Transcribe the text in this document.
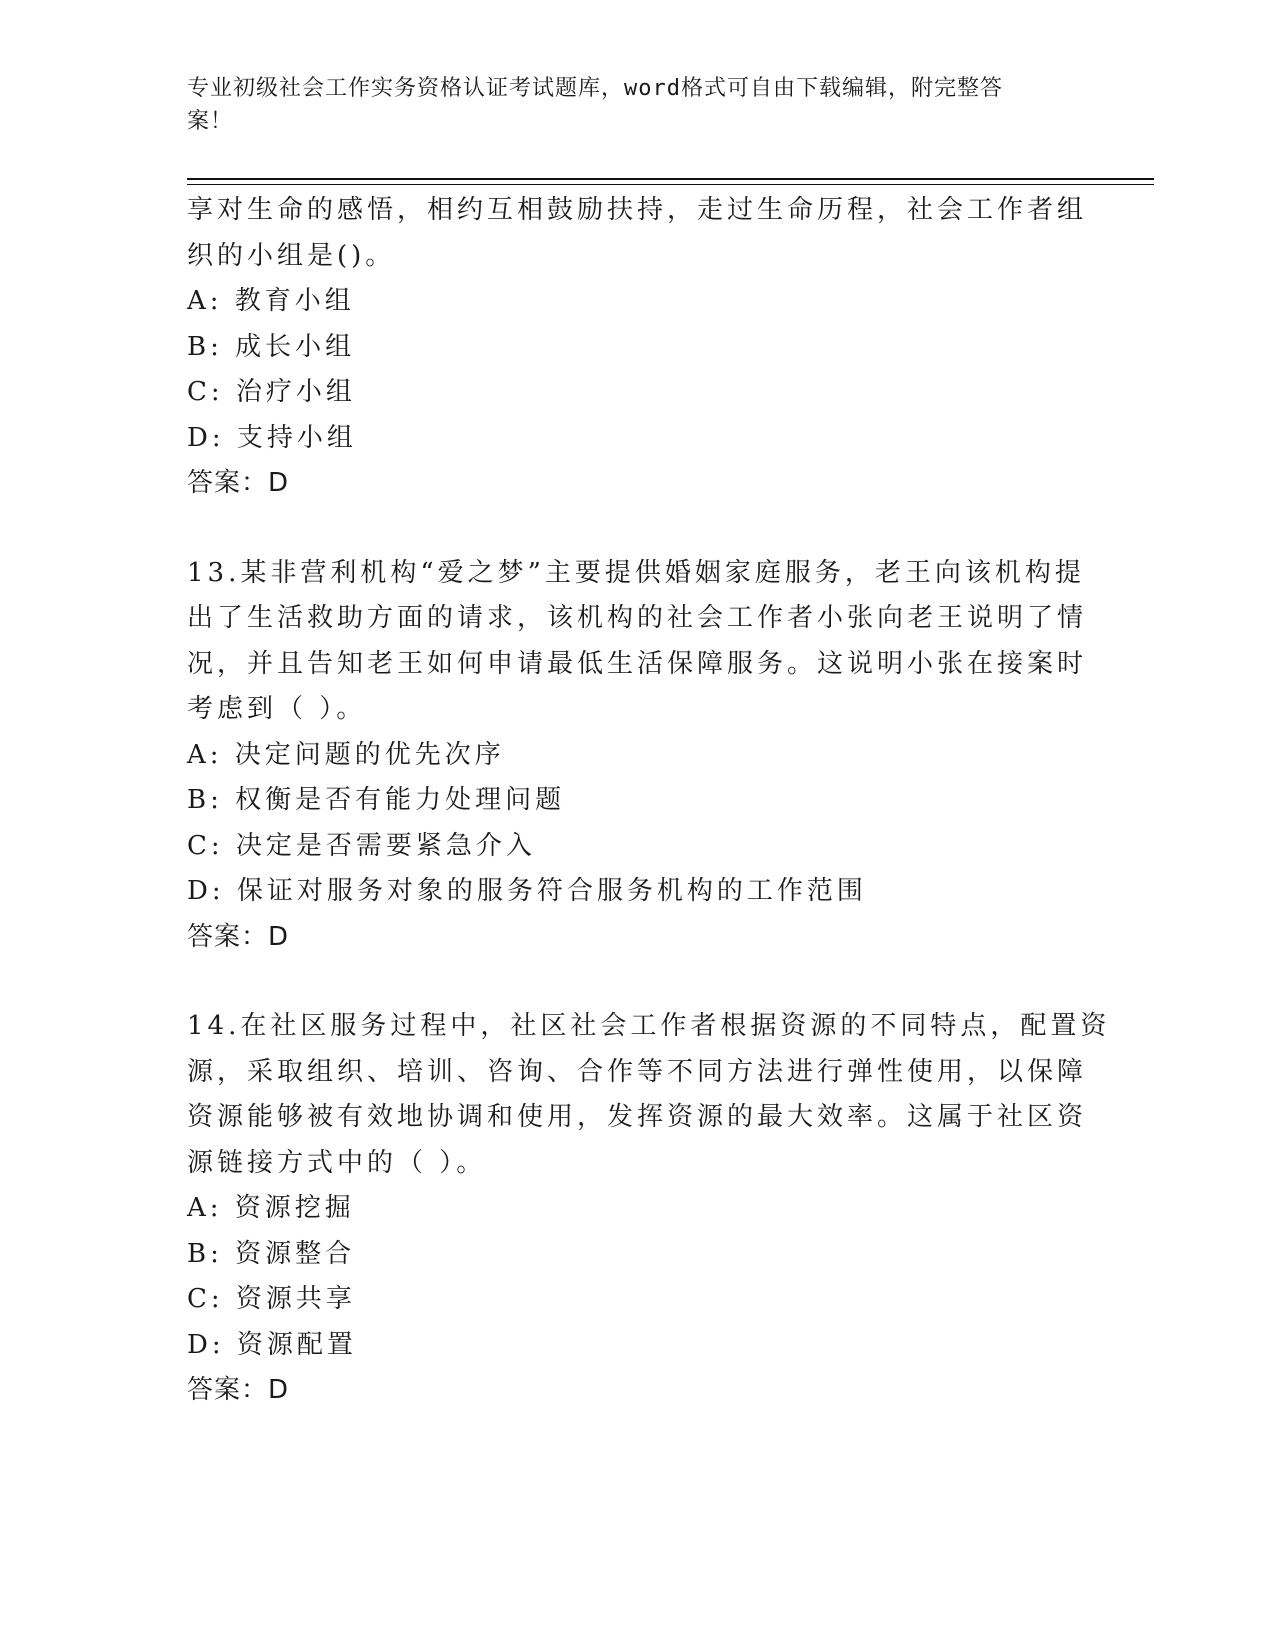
专业初级社会工作实务资格认证考试题库，word格式可自由下载编辑，附完整答
案！
享对生命的感悟，相约互相鼓励扶持，走过生命历程，社会工作者组
织的小组是()。
A: 教育小组
B: 成长小组
C: 治疗小组
D: 支持小组
答案：D
13.某非营利机构“爱之梦”主要提供婚姻家庭服务，老王向该机构提
出了生活救助方面的请求，该机构的社会工作者小张向老王说明了情
况，并且告知老王如何申请最低生活保障服务。这说明小张在接案时
考虑到（ ）。
A: 决定问题的优先次序
B: 权衡是否有能力处理问题
C: 决定是否需要紧急介入
D: 保证对服务对象的服务符合服务机构的工作范围
答案：D
14.在社区服务过程中，社区社会工作者根据资源的不同特点，配置资
源，采取组织、培训、咨询、合作等不同方法进行弹性使用，以保障
资源能够被有效地协调和使用，发挥资源的最大效率。这属于社区资
源链接方式中的（ ）。
A: 资源挖掘
B: 资源整合
C: 资源共享
D: 资源配置
答案：D
